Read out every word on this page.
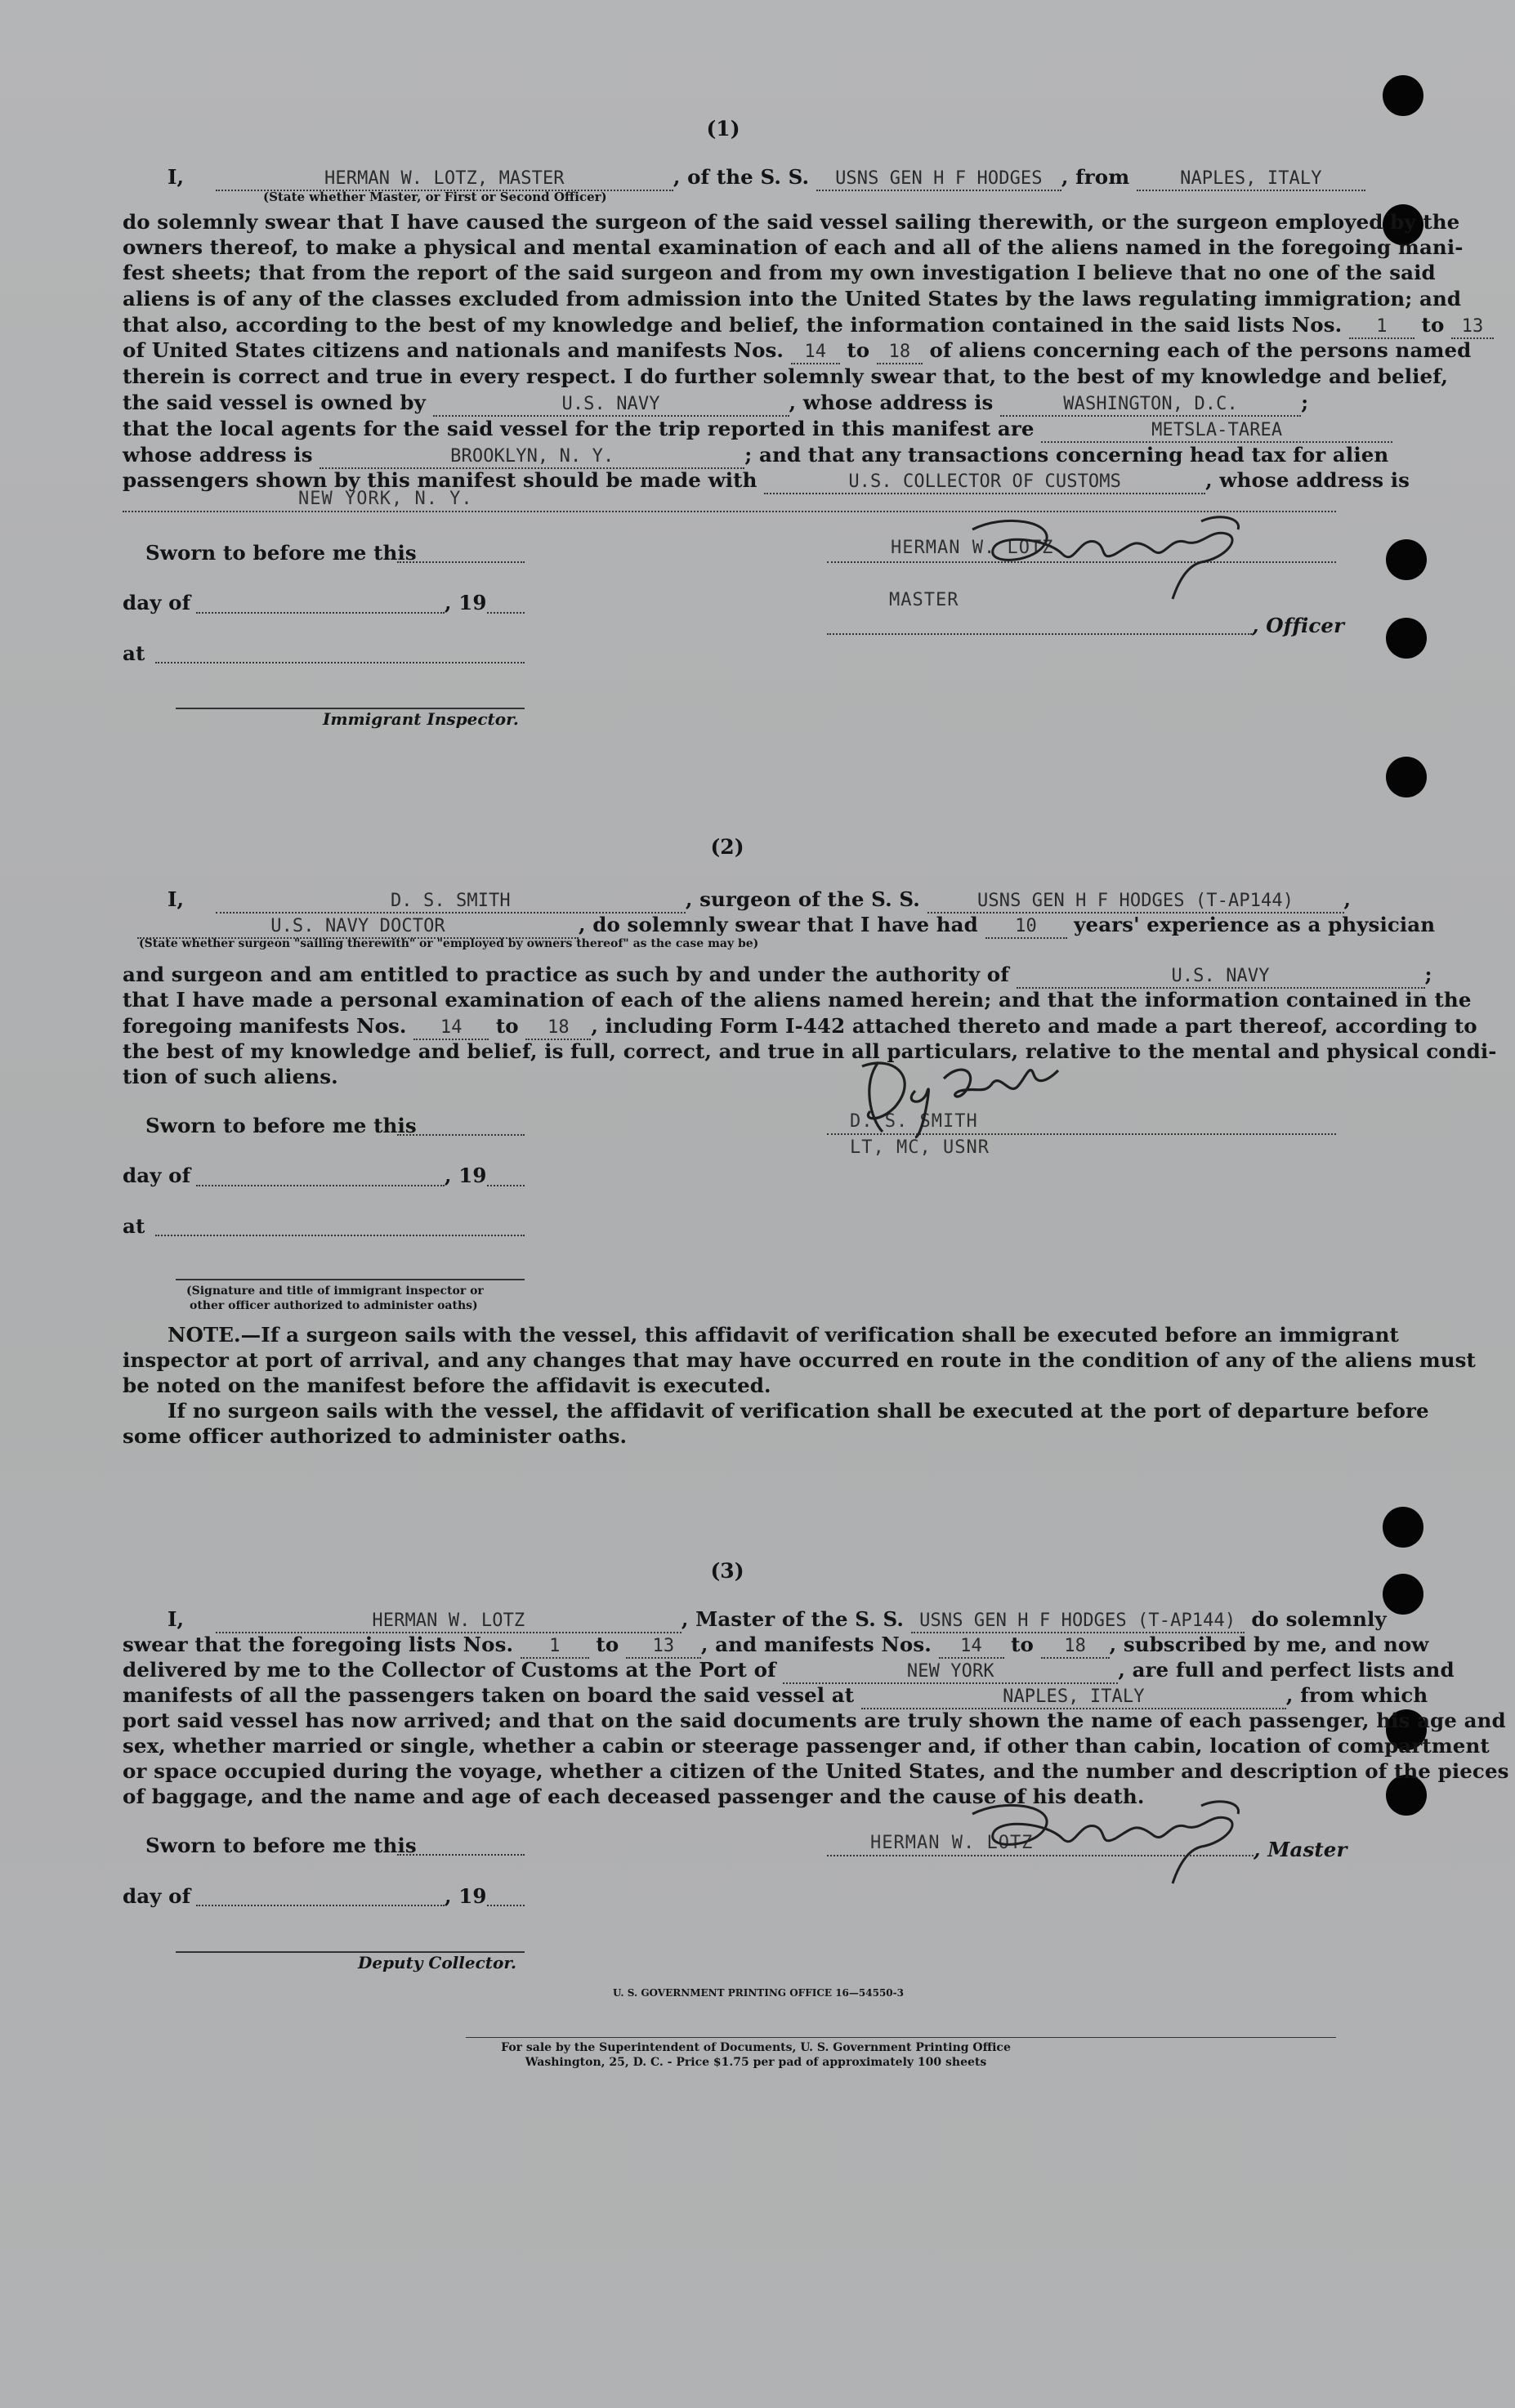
(1)
I,	HERMAN W. LOTZ, MASTER	, of the S. S. USNS GEN H F HODGES , from	NAPLES, ITALY
(State whether Master, or First or Second Officer)
do solemnly swear that I have caused the surgeon of the said vessel sailing therewith, or the surgeon employed by the
owners thereof, to make a physical and mental examination of each and all of the aliens named in the foregoing mani-
fest sheets; that from the report of the said surgeon and from my own investigation I believe that no one of the said
aliens is of any of the classes excluded from admission into the United States by the laws regulating immigration; and
that also, according to the best of my knowledge and belief, the information contained in the said lists Nos. 1 to 13
of United States citizens and nationals and manifests Nos. 14 to 18 of aliens concerning each of the persons named
therein is correct and true in every respect. I do further solemnly swear that, to the best of my knowledge and belief,
the said vessel is owned by	U.S. NAVY	, whose address is	WASHINGTON, D.C.	;
that the local agents for the said vessel for the trip reported in this manifest are	METSLA-TAREA
whose address is	BROOKLYN, N. Y.	; and that any transactions concerning head tax for alien
passengers shown by this manifest should be made with	U.S. COLLECTOR OF CUSTOMS	, whose address is
NEW YORK, N. Y.
Sworn to before me this
day of	, 19
at
Immigrant Inspector.
HERMAN W. LOTZ
MASTER
, Officer
(2)
I,	D. S. SMITH	, surgeon of the S. S.	USNS GEN H F HODGES (T-AP144)	,
U.S. NAVY DOCTOR	, do solemnly swear that I have had 10 years' experience as a physician
(State whether surgeon "sailing therewith" or "employed by owners thereof" as the case may be)
and surgeon and am entitled to practice as such by and under the authority of	U.S. NAVY	;
that I have made a personal examination of each of the aliens named herein; and that the information contained in the
foregoing manifests Nos. 14 to 18 , including Form I-442 attached thereto and made a part thereof, according to
the best of my knowledge and belief, is full, correct, and true in all particulars, relative to the mental and physical condi-
tion of such aliens.
Sworn to before me this
day of	, 19
at
(Signature and title of immigrant inspector or
other officer authorized to administer oaths)
D. S. SMITH
LT, MC, USNR
NOTE.—If a surgeon sails with the vessel, this affidavit of verification shall be executed before an immigrant
inspector at port of arrival, and any changes that may have occurred en route in the condition of any of the aliens must
be noted on the manifest before the affidavit is executed.
If no surgeon sails with the vessel, the affidavit of verification shall be executed at the port of departure before
some officer authorized to administer oaths.
(3)
I,	HERMAN W. LOTZ	, Master of the S. S. USNS GEN H F HODGES (T-AP144) do solemnly
swear that the foregoing lists Nos. 1 to 13 , and manifests Nos. 14 to 18 , subscribed by me, and now
delivered by me to the Collector of Customs at the Port of	NEW YORK	, are full and perfect lists and
manifests of all the passengers taken on board the said vessel at	NAPLES, ITALY	, from which
port said vessel has now arrived; and that on the said documents are truly shown the name of each passenger, his age and
sex, whether married or single, whether a cabin or steerage passenger and, if other than cabin, location of compartment
or space occupied during the voyage, whether a citizen of the United States, and the number and description of the pieces
of baggage, and the name and age of each deceased passenger and the cause of his death.
Sworn to before me this
day of	, 19
Deputy Collector.
HERMAN W. LOTZ	, Master
U. S. GOVERNMENT PRINTING OFFICE 16—54550-3
For sale by the Superintendent of Documents, U. S. Government Printing Office
Washington, 25, D. C. - Price $1.75 per pad of approximately 100 sheets
